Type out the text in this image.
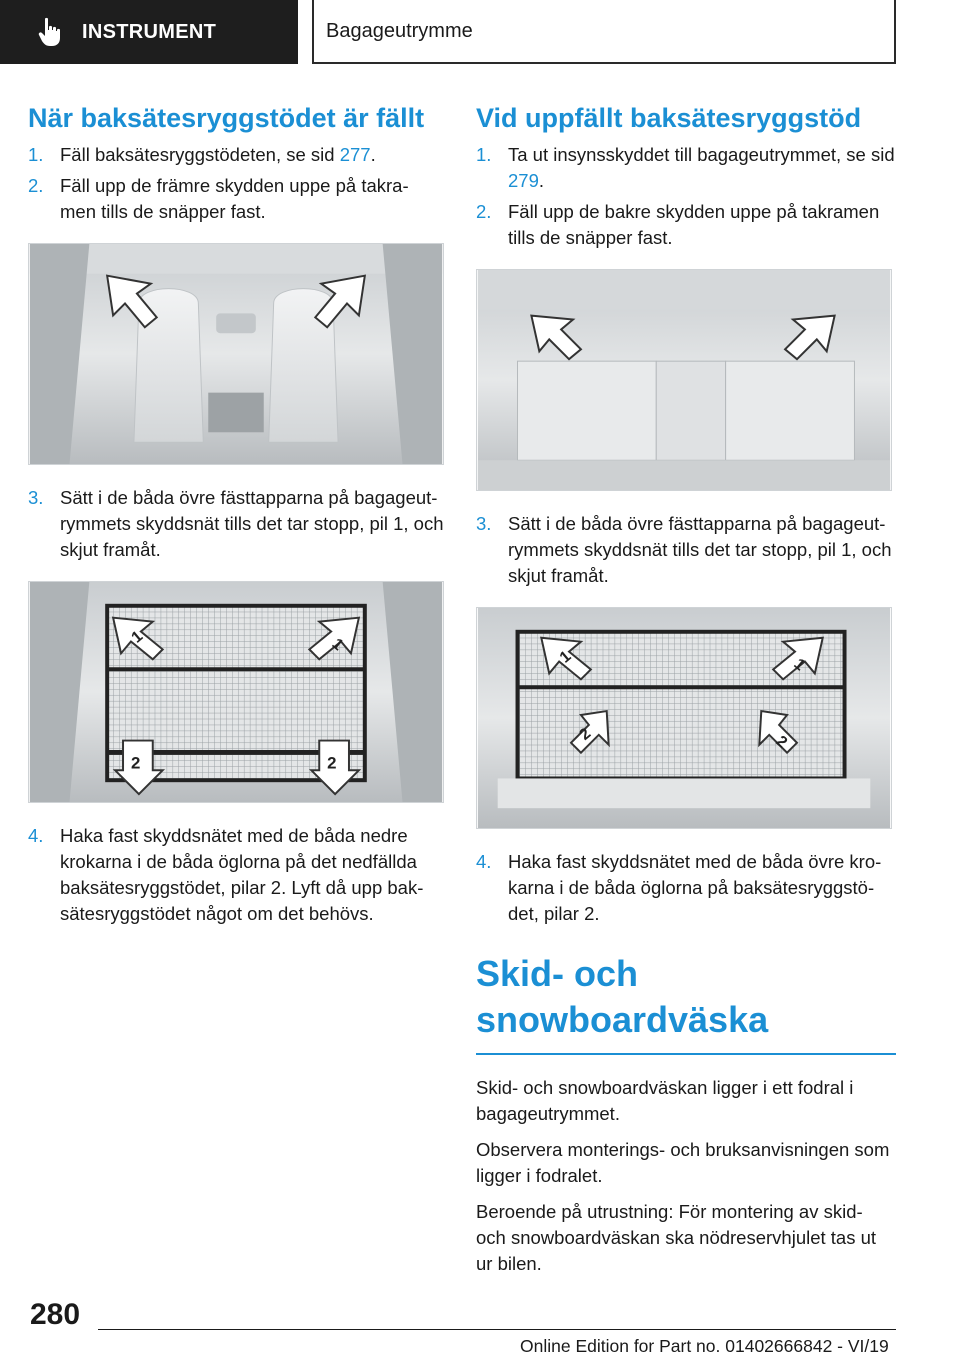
INSTRUMENT	Bagageutrymme
När baksätesryggstödet är fällt
1. Fäll baksätesryggstödeten, se sid 277.
2. Fäll upp de främre skydden uppe på takra-men tills de snäpper fast.
3. Sätt i de båda övre fästtapparna på bagageut-rymmets skyddsnät tills det tar stopp, pil 1, och skjut framåt.
1	1
2	2
4. Haka fast skyddsnätet med de båda nedre krokarna i de båda öglorna på det nedfällda baksätesryggstödet, pilar 2. Lyft då upp bak-sätesryggstödet något om det behövs.
Vid uppfällt baksätesryggstöd
1. Ta ut insynsskyddet till bagageutrymmet, se sid 279.
2. Fäll upp de bakre skydden uppe på takramen tills de snäpper fast.
3. Sätt i de båda övre fästtapparna på bagageut-rymmets skyddsnät tills det tar stopp, pil 1, och skjut framåt.
1	1
2	2
4. Haka fast skyddsnätet med de båda övre kro-karna i de båda öglorna på baksätesryggstö-det, pilar 2.
Skid- och snowboardväska

Skid- och snowboardväskan ligger i ett fodral i bagageutrymmet.

Observera monterings- och bruksanvisningen som ligger i fodralet.

Beroende på utrustning: För montering av skid- och snowboardväskan ska nödreservhjulet tas ut ur bilen.

280
Online Edition for Part no. 01402666842 - VI/19
